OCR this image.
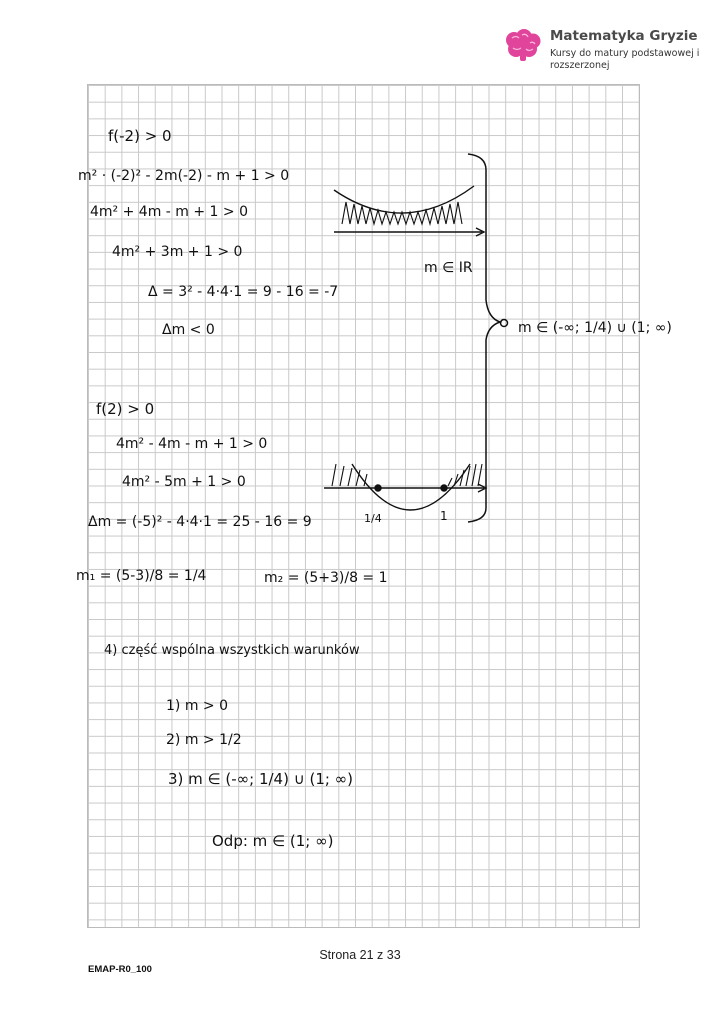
Matematyka Gryzie
Kursy do matury podstawowej i rozszerzonej
f(-2) > 0
m² · (-2)² - 2m(-2) - m + 1 > 0
4m² + 4m - m + 1 > 0
4m² + 3m + 1 > 0
Δ = 3² - 4·4·1 = 9 - 16 = -7
Δm < 0
m ∈ IR
f(2) > 0
4m² - 4m - m + 1 > 0
4m² - 5m + 1 > 0
Δm = (-5)² - 4·4·1 = 25 - 16 = 9
m₁ = (5-3)/8 = 1/4	m₂ = (5+3)/8 = 1
4) część wspólna wszystkich warunków
1) m > 0
2) m > 1/2
3) m ∈ (-∞; 1/4) ∪ (1; ∞)
Odp: m ∈ (1; ∞)
m ∈ (-∞; 1/4) ∪ (1; ∞)
1/4	1
Strona 21 z 33
EMAP-R0_100
